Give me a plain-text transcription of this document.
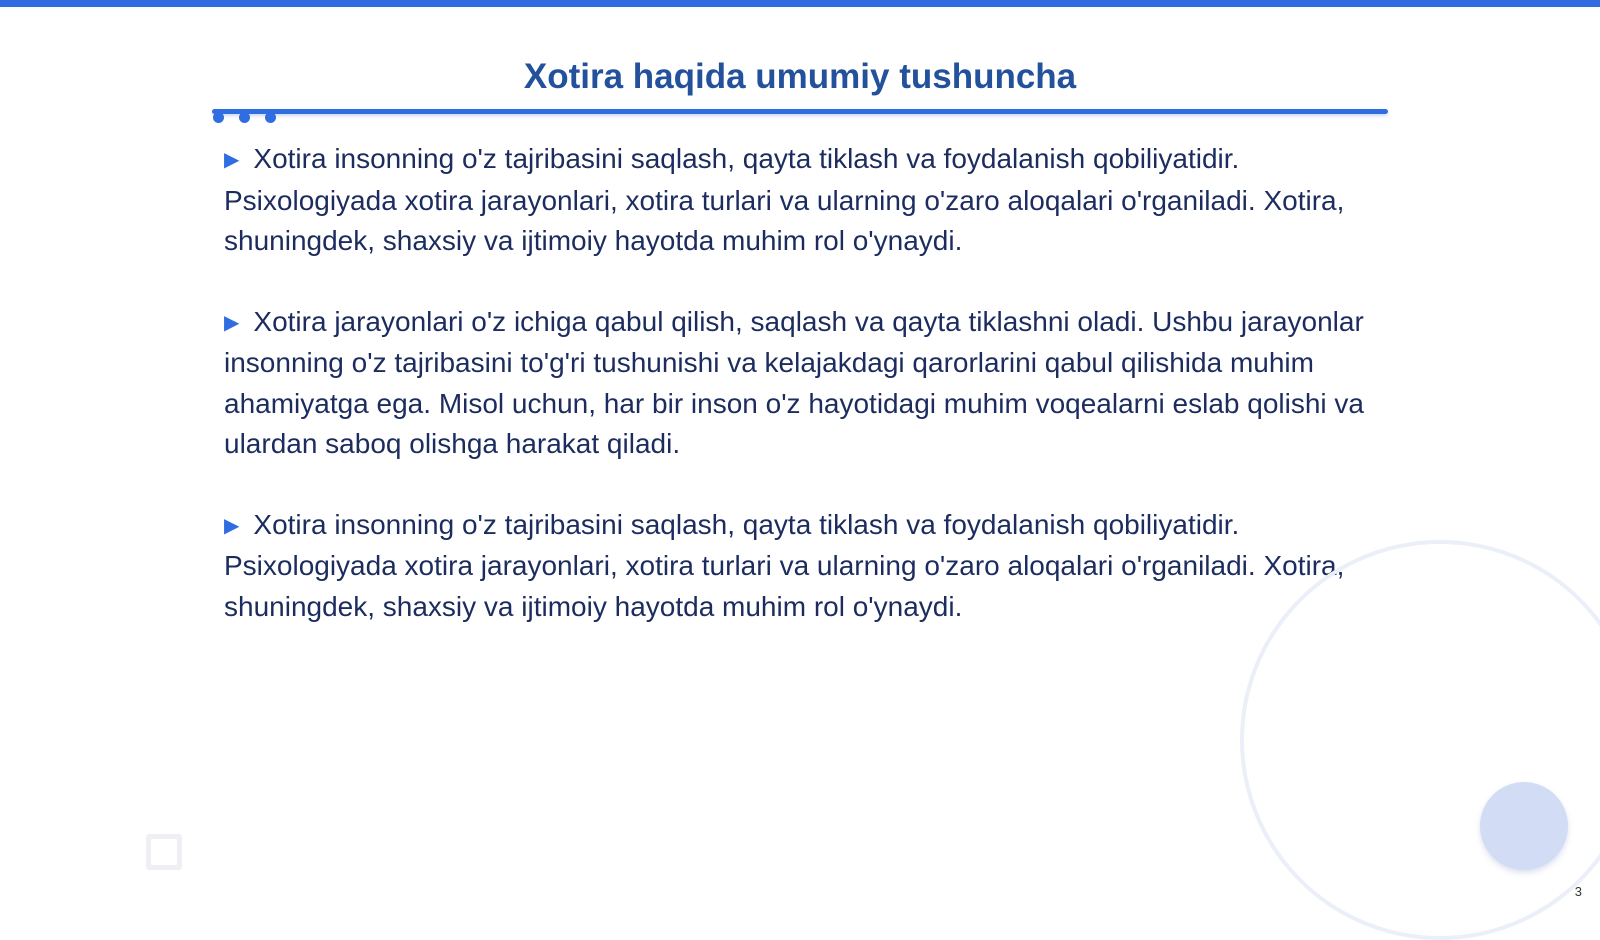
Xotira haqida umumiy tushuncha

▶ Xotira insonning o'z tajribasini saqlash, qayta tiklash va foydalanish qobiliyatidir. Psixologiyada xotira jarayonlari, xotira turlari va ularning o'zaro aloqalari o'rganiladi. Xotira, shuningdek, shaxsiy va ijtimoiy hayotda muhim rol o'ynaydi.

▶ Xotira jarayonlari o'z ichiga qabul qilish, saqlash va qayta tiklashni oladi. Ushbu jarayonlar insonning o'z tajribasini to'g'ri tushunishi va kelajakdagi qarorlarini qabul qilishida muhim ahamiyatga ega. Misol uchun, har bir inson o'z hayotidagi muhim voqealarni eslab qolishi va ulardan saboq olishga harakat qiladi.

▶ Xotira insonning o'z tajribasini saqlash, qayta tiklash va foydalanish qobiliyatidir. Psixologiyada xotira jarayonlari, xotira turlari va ularning o'zaro aloqalari o'rganiladi. Xotira, shuningdek, shaxsiy va ijtimoiy hayotda muhim rol o'ynaydi.

3
